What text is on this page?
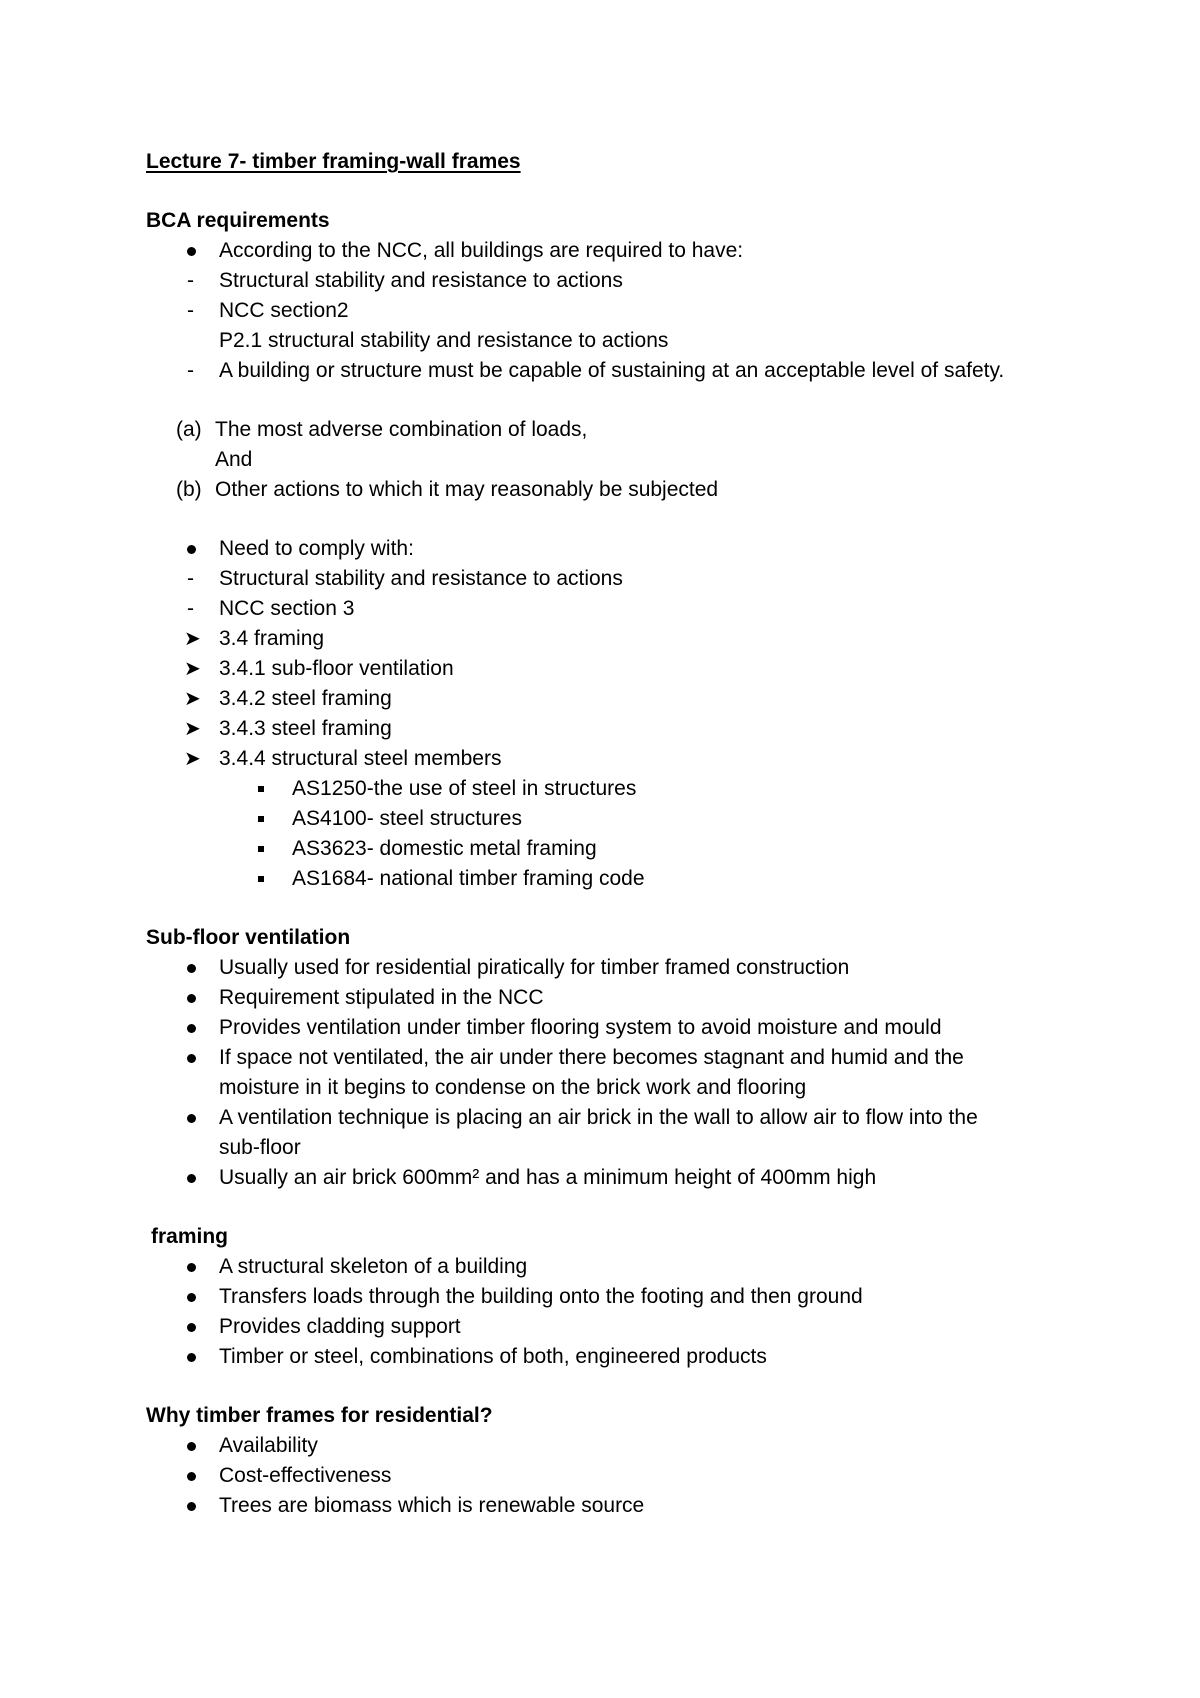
Lecture 7- timber framing-wall frames
BCA requirements
According to the NCC, all buildings are required to have:
- Structural stability and resistance to actions
- NCC section2
P2.1 structural stability and resistance to actions
- A building or structure must be capable of sustaining at an acceptable level of safety.
(a) The most adverse combination of loads,
And
(b) Other actions to which it may reasonably be subjected
Need to comply with:
- Structural stability and resistance to actions
- NCC section 3
➤ 3.4 framing
➤ 3.4.1 sub-floor ventilation
➤ 3.4.2 steel framing
➤ 3.4.3 steel framing
➤ 3.4.4 structural steel members
AS1250-the use of steel in structures
AS4100- steel structures
AS3623- domestic metal framing
AS1684- national timber framing code
Sub-floor ventilation
Usually used for residential piratically for timber framed construction
Requirement stipulated in the NCC
Provides ventilation under timber flooring system to avoid moisture and mould
If space not ventilated, the air under there becomes stagnant and humid and the
moisture in it begins to condense on the brick work and flooring
A ventilation technique is placing an air brick in the wall to allow air to flow into the
sub-floor
Usually an air brick 600mm² and has a minimum height of 400mm high
framing
A structural skeleton of a building
Transfers loads through the building onto the footing and then ground
Provides cladding support
Timber or steel, combinations of both, engineered products
Why timber frames for residential?
Availability
Cost-effectiveness
Trees are biomass which is renewable source
